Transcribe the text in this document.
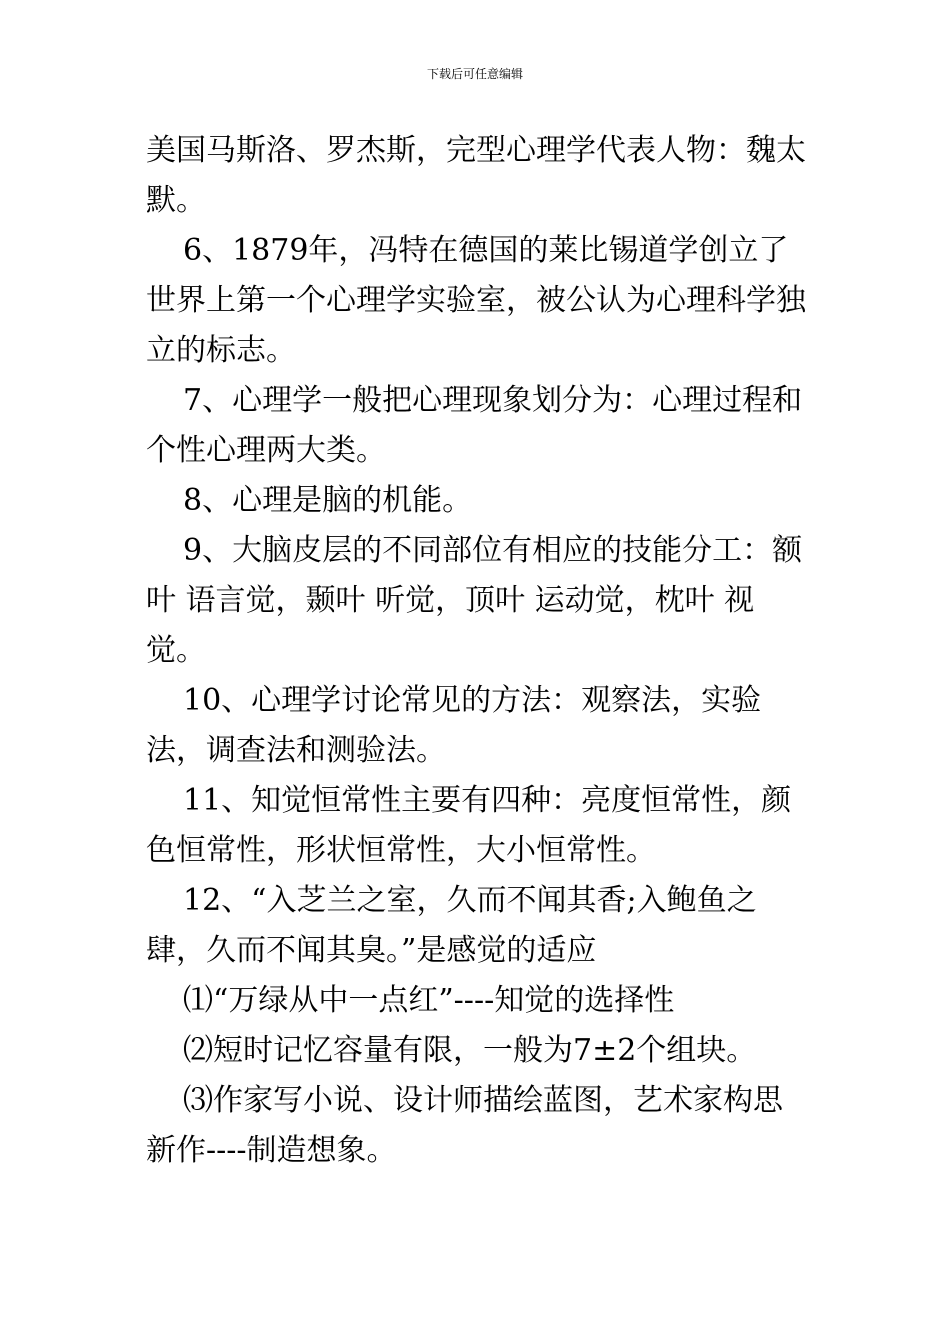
下载后可任意编辑

美国马斯洛、罗杰斯，完型心理学代表人物：魏太默。

6、1879年，冯特在德国的莱比锡道学创立了世界上第一个心理学实验室，被公认为心理科学独立的标志。

7、心理学一般把心理现象划分为：心理过程和个性心理两大类。

8、心理是脑的机能。

9、大脑皮层的不同部位有相应的技能分工：额叶 语言觉，颞叶 听觉，顶叶 运动觉，枕叶 视觉。

10、心理学讨论常见的方法：观察法，实验法，调查法和测验法。

11、知觉恒常性主要有四种：亮度恒常性，颜色恒常性，形状恒常性，大小恒常性。

12、“入芝兰之室，久而不闻其香;入鲍鱼之肆，久而不闻其臭。”是感觉的适应

⑴“万绿从中一点红”----知觉的选择性

⑵短时记忆容量有限，一般为7±2个组块。

⑶作家写小说、设计师描绘蓝图，艺术家构思新作----制造想象。
